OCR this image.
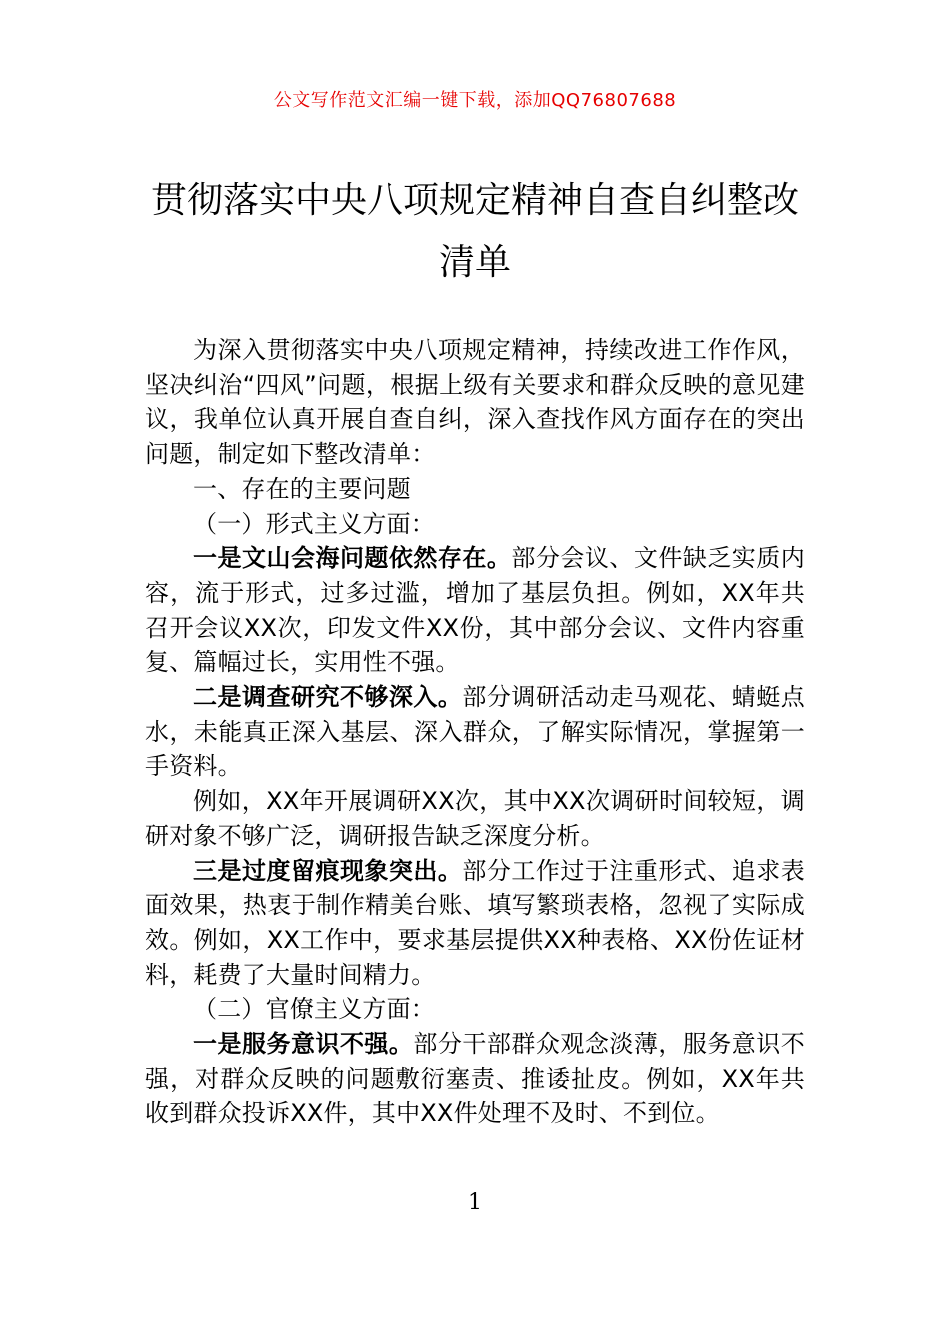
公文写作范文汇编一键下载，添加QQ76807688
贯彻落实中央八项规定精神自查自纠整改清单

为深入贯彻落实中央八项规定精神，持续改进工作作风，坚决纠治“四风”问题，根据上级有关要求和群众反映的意见建议，我单位认真开展自查自纠，深入查找作风方面存在的突出问题，制定如下整改清单：

一、存在的主要问题

（一）形式主义方面：

一是文山会海问题依然存在。部分会议、文件缺乏实质内容，流于形式，过多过滥，增加了基层负担。例如，XX年共召开会议XX次，印发文件XX份，其中部分会议、文件内容重复、篇幅过长，实用性不强。

二是调查研究不够深入。部分调研活动走马观花、蜻蜓点水，未能真正深入基层、深入群众，了解实际情况，掌握第一手资料。

例如，XX年开展调研XX次，其中XX次调研时间较短，调研对象不够广泛，调研报告缺乏深度分析。

三是过度留痕现象突出。部分工作过于注重形式、追求表面效果，热衷于制作精美台账、填写繁琐表格，忽视了实际成效。例如，XX工作中，要求基层提供XX种表格、XX份佐证材料，耗费了大量时间精力。

（二）官僚主义方面：

一是服务意识不强。部分干部群众观念淡薄，服务意识不强，对群众反映的问题敷衍塞责、推诿扯皮。例如，XX年共收到群众投诉XX件，其中XX件处理不及时、不到位。

1
